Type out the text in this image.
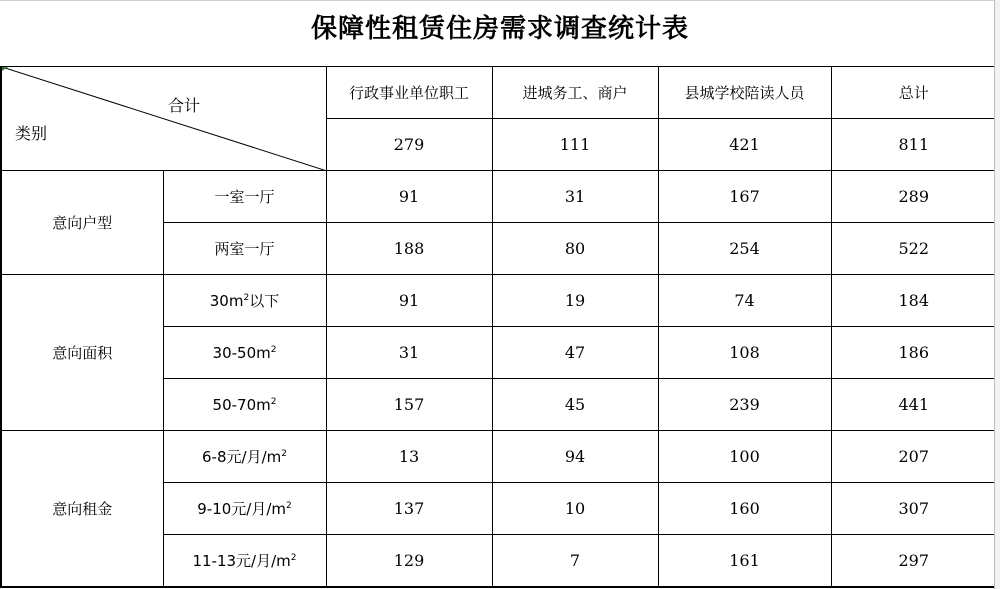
保障性租赁住房需求调查统计表
合计
类别		行政事业单位职工	进城务工、商户	县城学校陪读人员	总计
		279	111	421	811
意向户型	一室一厅	91	31	167	289
	两室一厅	188	80	254	522
意向面积	$30m^2$以下	91	19	74	184
	$30-50m^2$	31	47	108	186
	$50-70m^2$	157	45	239	441
意向租金	6-8元/月$/m^2$	13	94	100	207
	9-10元/月$/m^2$	137	10	160	307
	11-13元/月$/m^2$	129	7	161	297
